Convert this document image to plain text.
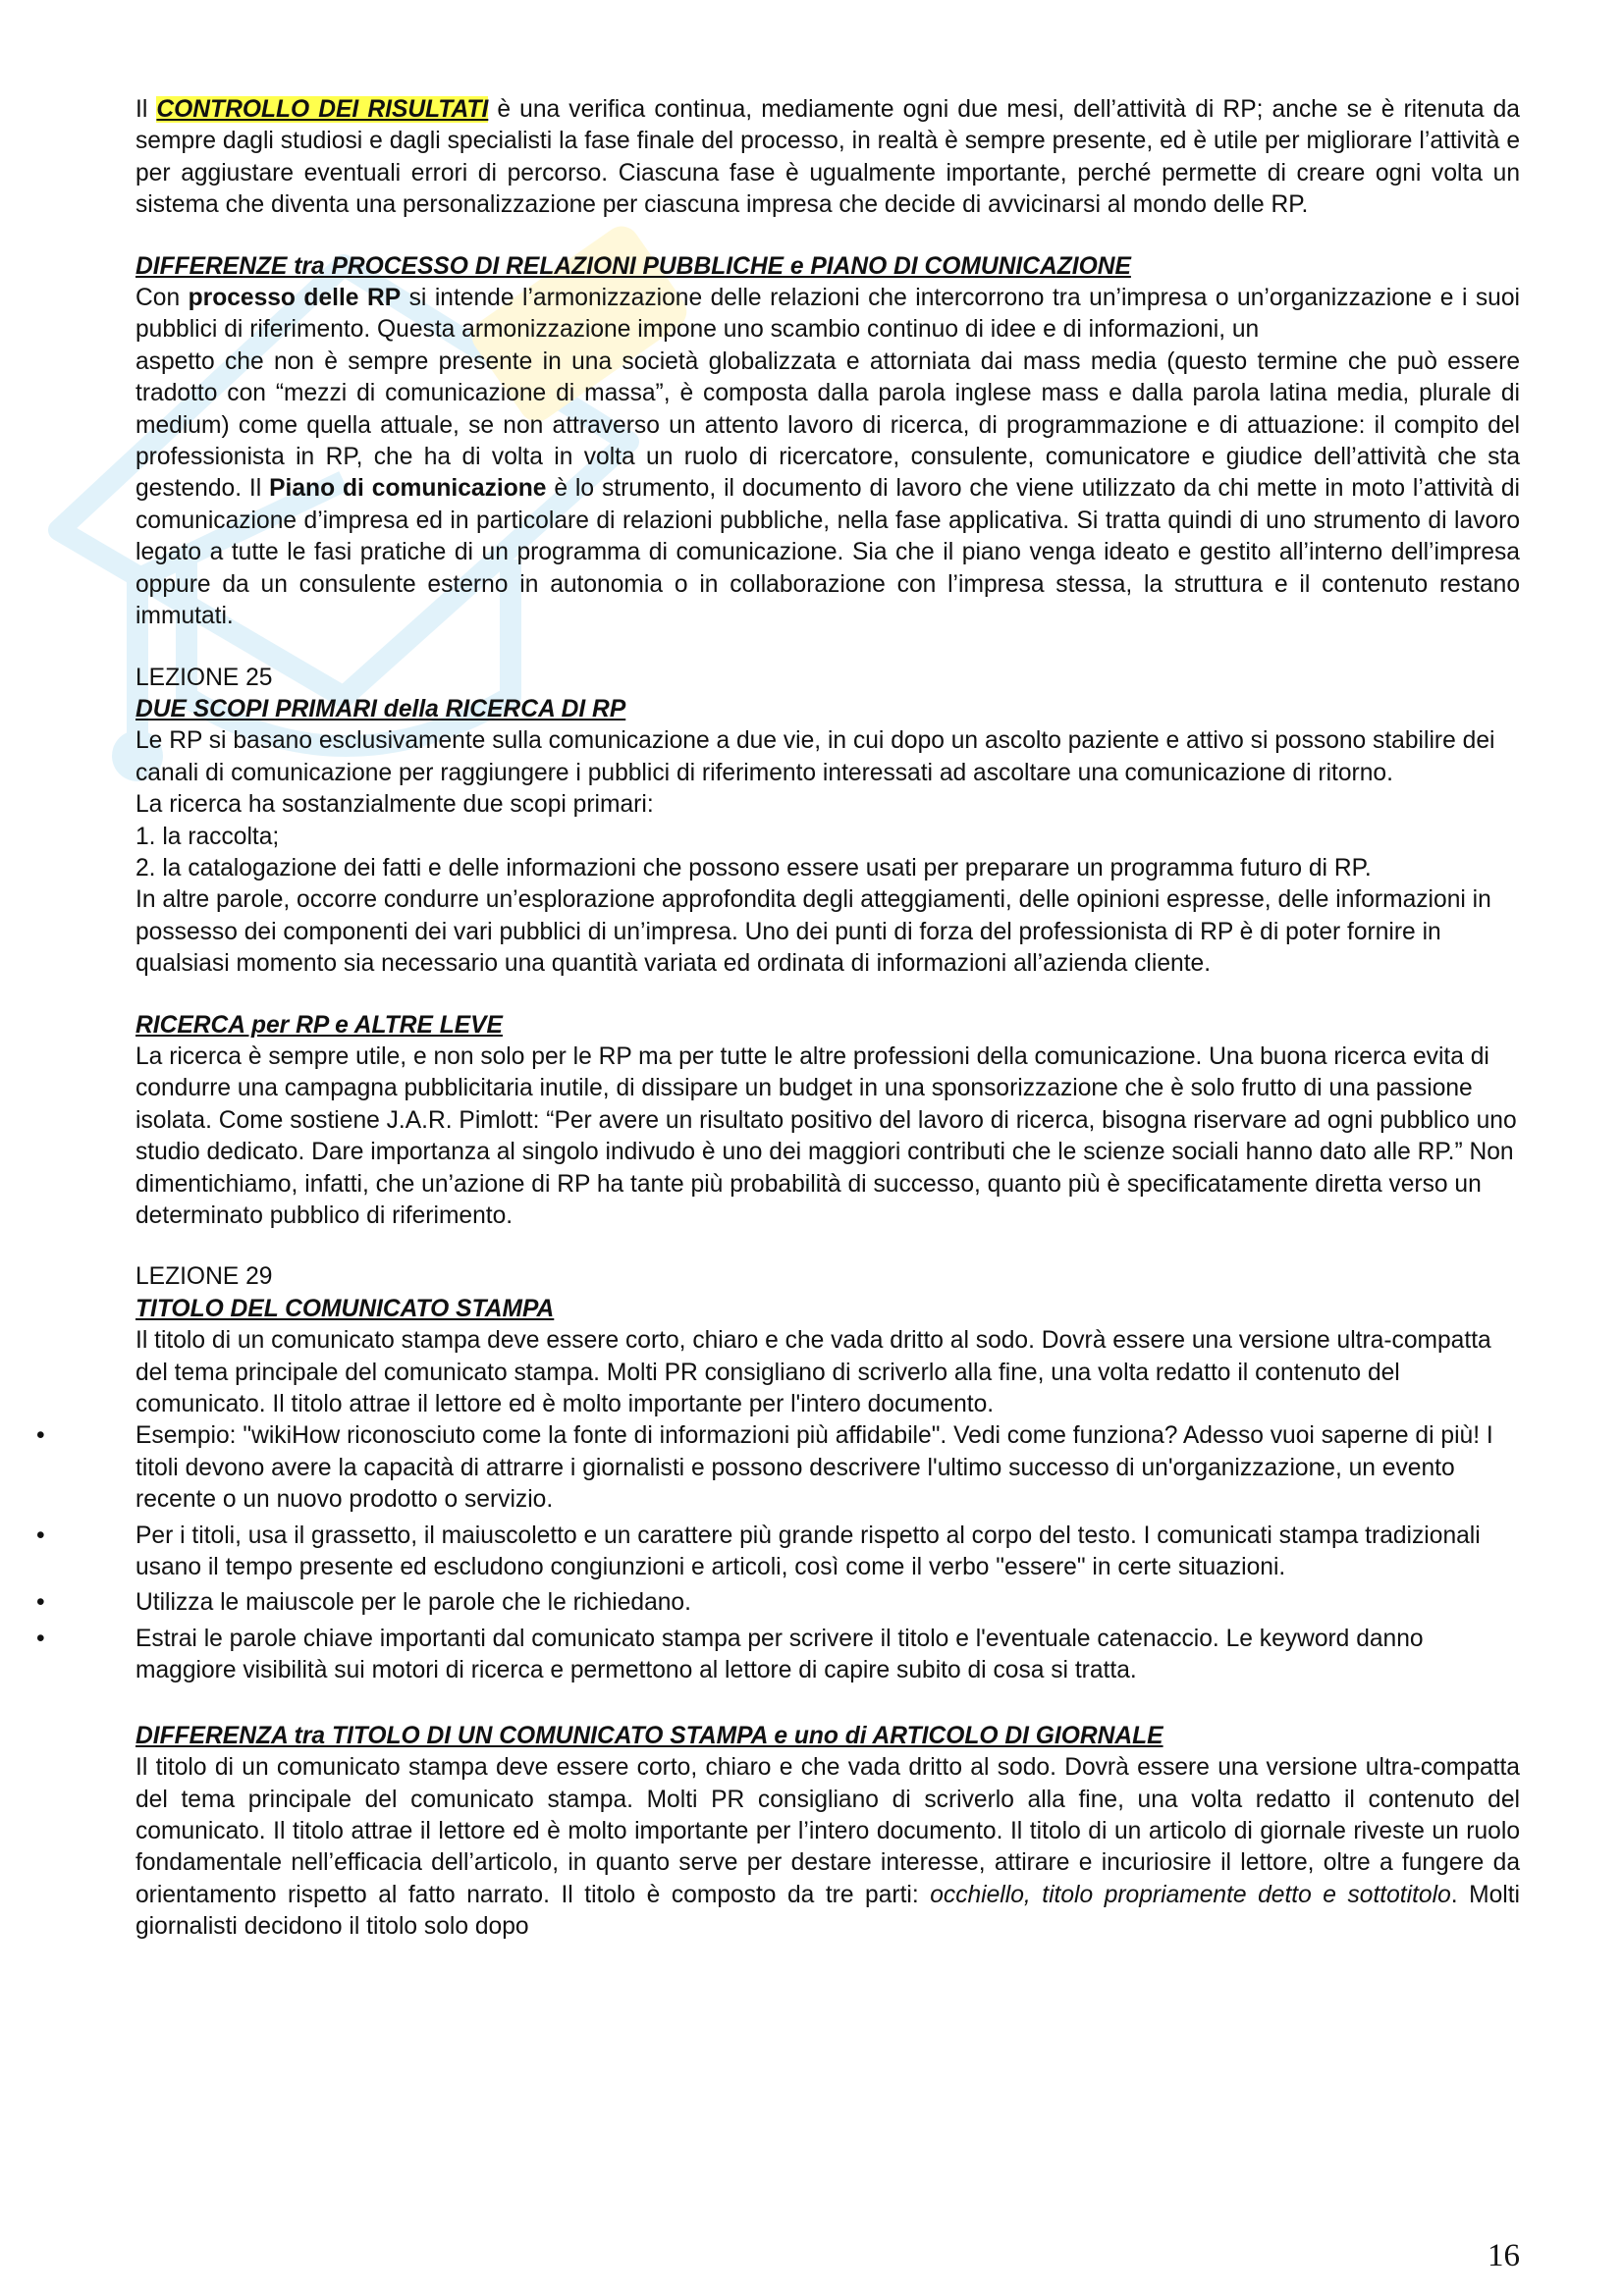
Il CONTROLLO DEI RISULTATI è una verifica continua, mediamente ogni due mesi, dell’attività di RP; anche se è ritenuta da sempre dagli studiosi e dagli specialisti la fase finale del processo, in realtà è sempre presente, ed è utile per migliorare l’attività e per aggiustare eventuali errori di percorso. Ciascuna fase è ugualmente importante, perché permette di creare ogni volta un sistema che diventa una personalizzazione per ciascuna impresa che decide di avvicinarsi al mondo delle RP.

DIFFERENZE tra PROCESSO DI RELAZIONI PUBBLICHE e PIANO DI COMUNICAZIONE

Con processo delle RP si intende l’armonizzazione delle relazioni che intercorrono tra un’impresa o un’organizzazione e i suoi pubblici di riferimento. Questa armonizzazione impone uno scambio continuo di idee e di informazioni, un

aspetto che non è sempre presente in una società globalizzata e attorniata dai mass media (questo termine che può essere tradotto con “mezzi di comunicazione di massa”, è composta dalla parola inglese mass e dalla parola latina media, plurale di medium) come quella attuale, se non attraverso un attento lavoro di ricerca, di programmazione e di attuazione: il compito del professionista in RP, che ha di volta in volta un ruolo di ricercatore, consulente, comunicatore e giudice dell’attività che sta gestendo. Il Piano di comunicazione è lo strumento, il documento di lavoro che viene utilizzato da chi mette in moto l’attività di comunicazione d’impresa ed in particolare di relazioni pubbliche, nella fase applicativa. Si tratta quindi di uno strumento di lavoro legato a tutte le fasi pratiche di un programma di comunicazione. Sia che il piano venga ideato e gestito all’interno dell’impresa oppure da un consulente esterno in autonomia o in collaborazione con l’impresa stessa, la struttura e il contenuto restano immutati.

LEZIONE 25

DUE SCOPI PRIMARI della RICERCA DI RP

Le RP si basano esclusivamente sulla comunicazione a due vie, in cui dopo un ascolto paziente e attivo si possono stabilire dei canali di comunicazione per raggiungere i pubblici di riferimento interessati ad ascoltare una comunicazione di ritorno.

La ricerca ha sostanzialmente due scopi primari:

1. la raccolta;

2. la catalogazione dei fatti e delle informazioni che possono essere usati per preparare un programma futuro di RP.

In altre parole, occorre condurre un’esplorazione approfondita degli atteggiamenti, delle opinioni espresse, delle informazioni in possesso dei componenti dei vari pubblici di un’impresa. Uno dei punti di forza del professionista di RP è di poter fornire in qualsiasi momento sia necessario una quantità variata ed ordinata di informazioni all’azienda cliente.

RICERCA per RP e ALTRE LEVE

La ricerca è sempre utile, e non solo per le RP ma per tutte le altre professioni della comunicazione. Una buona ricerca evita di condurre una campagna pubblicitaria inutile, di dissipare un budget in una sponsorizzazione che è solo frutto di una passione isolata. Come sostiene J.A.R. Pimlott: “Per avere un risultato positivo del lavoro di ricerca, bisogna riservare ad ogni pubblico uno studio dedicato. Dare importanza al singolo indivudo è uno dei maggiori contributi che le scienze sociali hanno dato alle RP.” Non dimentichiamo, infatti, che un’azione di RP ha tante più probabilità di successo, quanto più è specificatamente diretta verso un determinato pubblico di riferimento.

LEZIONE 29

TITOLO DEL COMUNICATO STAMPA

Il titolo di un comunicato stampa deve essere corto, chiaro e che vada dritto al sodo. Dovrà essere una versione ultra-compatta del tema principale del comunicato stampa. Molti PR consigliano di scriverlo alla fine, una volta redatto il contenuto del comunicato. Il titolo attrae il lettore ed è molto importante per l'intero documento.

•	Esempio: "wikiHow riconosciuto come la fonte di informazioni più affidabile". Vedi come funziona? Adesso vuoi saperne di più! I titoli devono avere la capacità di attrarre i giornalisti e possono descrivere l'ultimo successo di un'organizzazione, un evento recente o un nuovo prodotto o servizio.
•	Per i titoli, usa il grassetto, il maiuscoletto e un carattere più grande rispetto al corpo del testo. I comunicati stampa tradizionali usano il tempo presente ed escludono congiunzioni e articoli, così come il verbo "essere" in certe situazioni.
•	Utilizza le maiuscole per le parole che le richiedano.
•	Estrai le parole chiave importanti dal comunicato stampa per scrivere il titolo e l'eventuale catenaccio. Le keyword danno maggiore visibilità sui motori di ricerca e permettono al lettore di capire subito di cosa si tratta.

DIFFERENZA tra TITOLO DI UN COMUNICATO STAMPA e uno di ARTICOLO DI GIORNALE

Il titolo di un comunicato stampa deve essere corto, chiaro e che vada dritto al sodo. Dovrà essere una versione ultra-compatta del tema principale del comunicato stampa. Molti PR consigliano di scriverlo alla fine, una volta redatto il contenuto del comunicato. Il titolo attrae il lettore ed è molto importante per l’intero documento. Il titolo di un articolo di giornale riveste un ruolo fondamentale nell’efficacia dell’articolo, in quanto serve per destare interesse, attirare e incuriosire il lettore, oltre a fungere da orientamento rispetto al fatto narrato. Il titolo è composto da tre parti: occhiello, titolo propriamente detto e sottotitolo. Molti giornalisti decidono il titolo solo dopo

16
